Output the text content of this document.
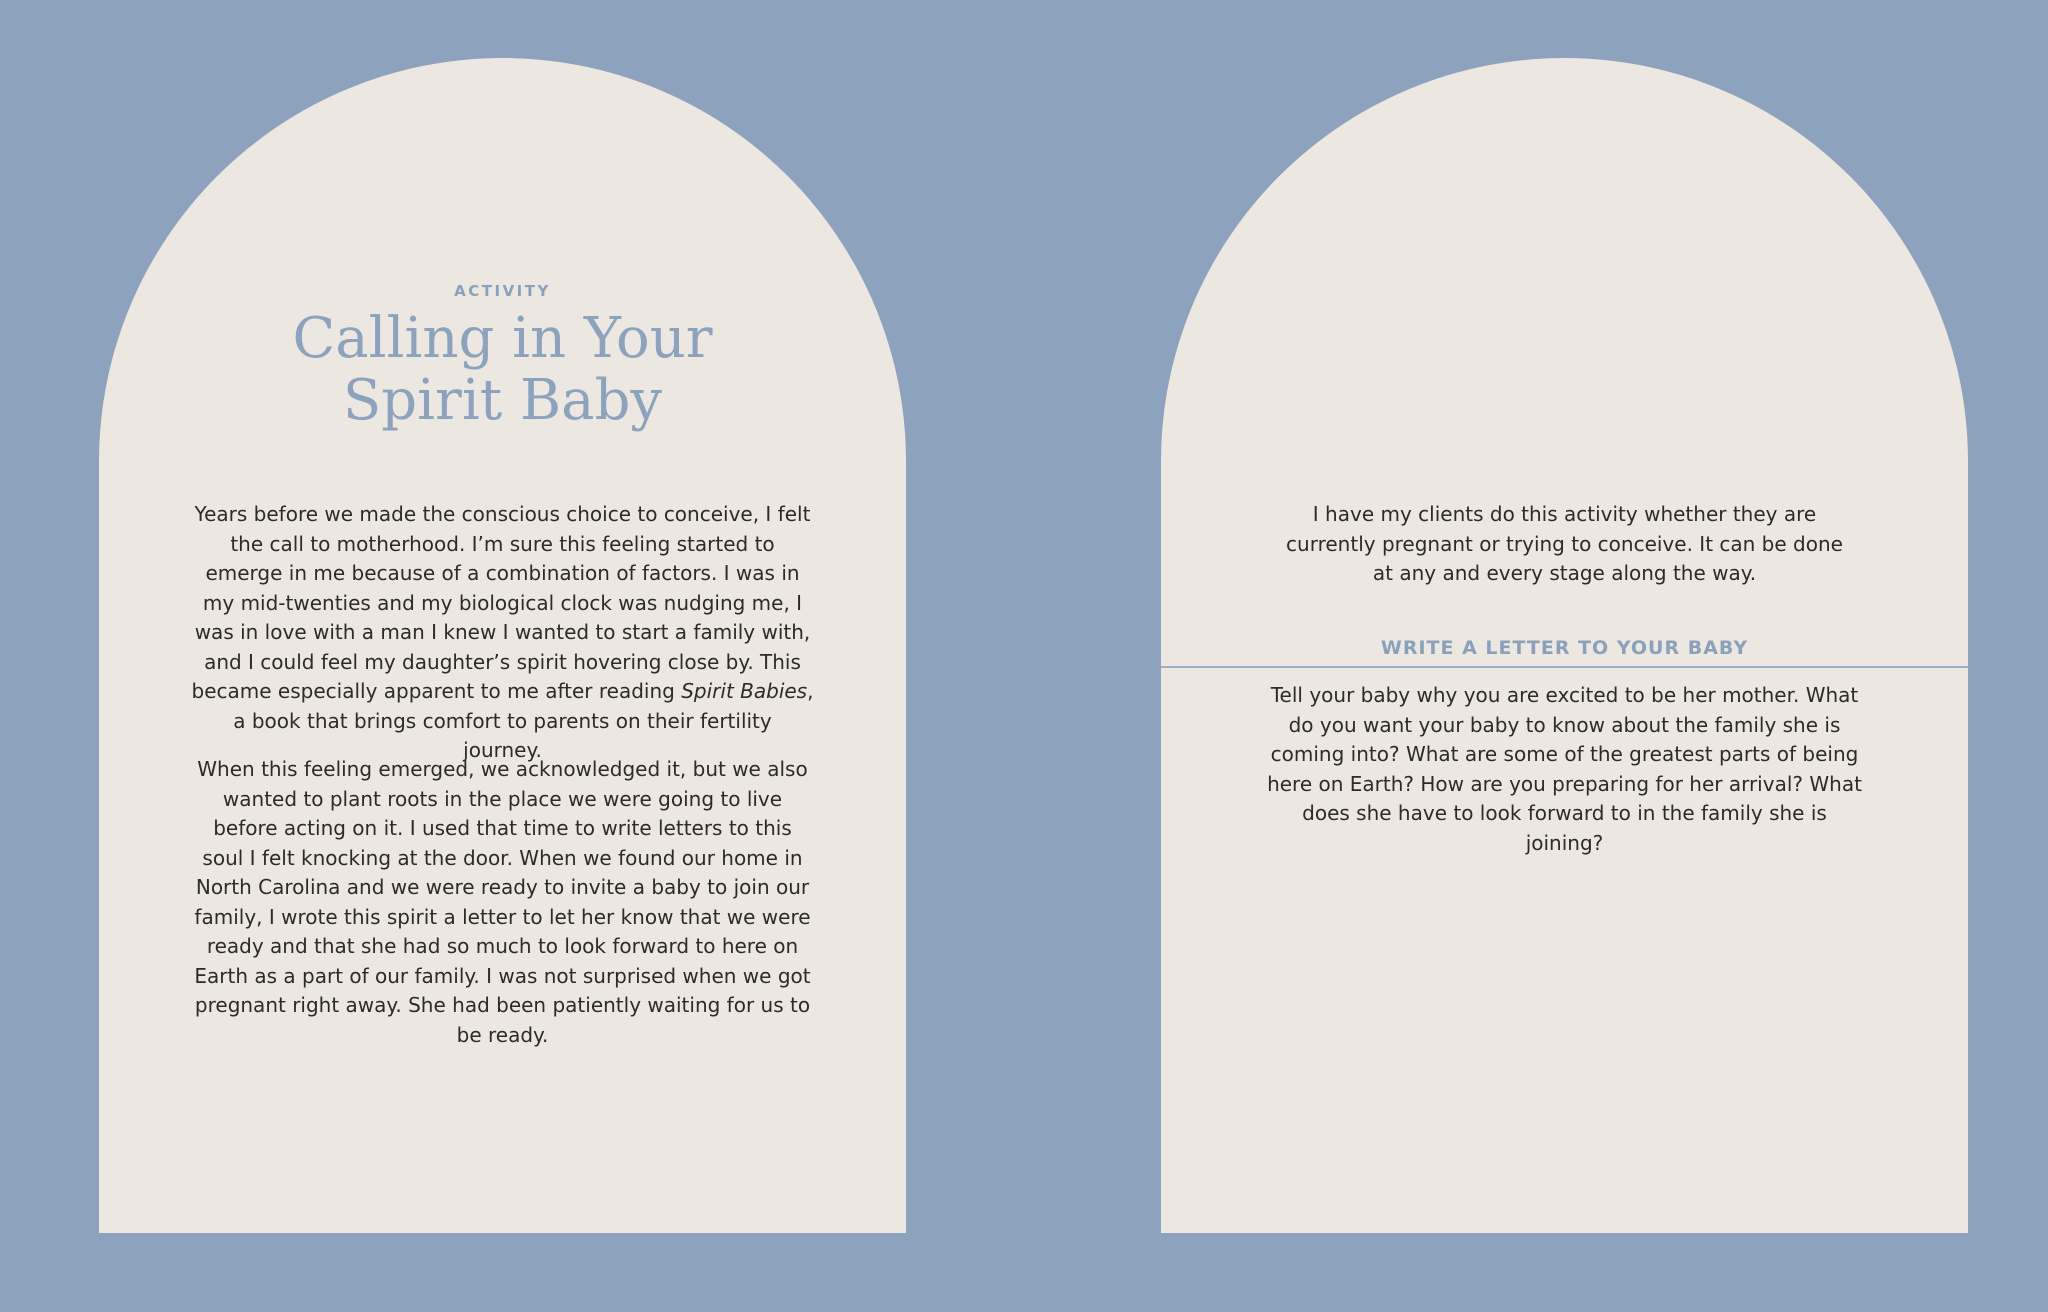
ACTIVITY
Calling in Your
Spirit Baby

Years before we made the conscious choice to conceive, I felt the call to motherhood. I’m sure this feeling started to emerge in me because of a combination of factors. I was in my mid-twenties and my biological clock was nudging me, I was in love with a man I knew I wanted to start a family with, and I could feel my daughter’s spirit hovering close by. This became especially apparent to me after reading Spirit Babies, a book that brings comfort to parents on their fertility journey.

When this feeling emerged, we acknowledged it, but we also wanted to plant roots in the place we were going to live before acting on it. I used that time to write letters to this soul I felt knocking at the door. When we found our home in North Carolina and we were ready to invite a baby to join our family, I wrote this spirit a letter to let her know that we were ready and that she had so much to look forward to here on Earth as a part of our family. I was not surprised when we got pregnant right away. She had been patiently waiting for us to be ready.

I have my clients do this activity whether they are currently pregnant or trying to conceive. It can be done at any and every stage along the way.

WRITE A LETTER TO YOUR BABY

Tell your baby why you are excited to be her mother. What do you want your baby to know about the family she is coming into? What are some of the greatest parts of being here on Earth? How are you preparing for her arrival? What does she have to look forward to in the family she is joining?
